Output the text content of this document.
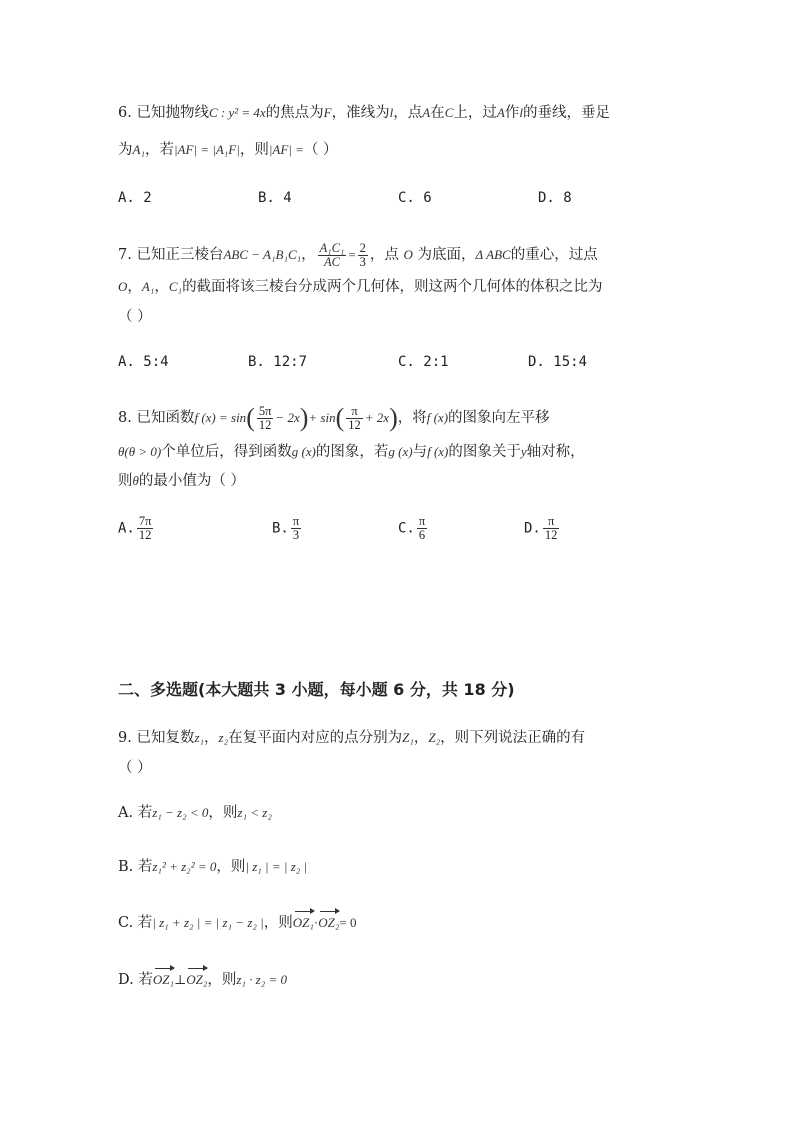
6. 已知抛物线C : y² = 4x的焦点为F，准线为l，点A在C上，过A作l的垂线，垂足
为A₁，若|AF| = |A₁F|，则|AF| =（ ）
A. 2	B. 4	C. 6	D. 8
7. 已知正三棱台ABC − A₁B₁C₁， $\frac{\text{A₁C₁}}{AC} = \frac{2}{3}$ ，点 O 为底面，Δ ABC的重心，过点
O，A₁，C₁的截面将该三棱台分成两个几何体，则这两个几何体的体积之比为
（ ）
A. 5:4	B. 12:7	C. 2:1	D. 15:4
8. 已知函数f $(x) = \sin( \frac{5\pi}{12} - 2x)+ \sin( \frac{\pi}{12} + 2x)$，将f (x)的图象向左平移
θ(θ > 0)个单位后，得到函数g (x)的图象，若g (x)与f (x)的图象关于y轴对称，
则θ的最小值为（ ）
A. $\frac{7\pi}{12}$	B. $\frac{\pi}{3}$	C. $\frac{\pi}{6}$	D. $\frac{\pi}{12}$
二、多选题(本大题共 3 小题，每小题 6 分，共 18 分)
9. 已知复数z₁，z₂在复平面内对应的点分别为Z₁，Z₂，则下列说法正确的有
（ ）
A. 若z₁ − z₂ < 0，则z₁ < z₂
B. 若z₁² + z₂² = 0，则| z₁ | = | z₂ |
C. 若| z₁ + z₂ | = | z₁ − z₂ |，则OZ₁·OZ₂= 0
D. 若OZ₁⊥OZ₂，则z₁ · z₂ = 0
